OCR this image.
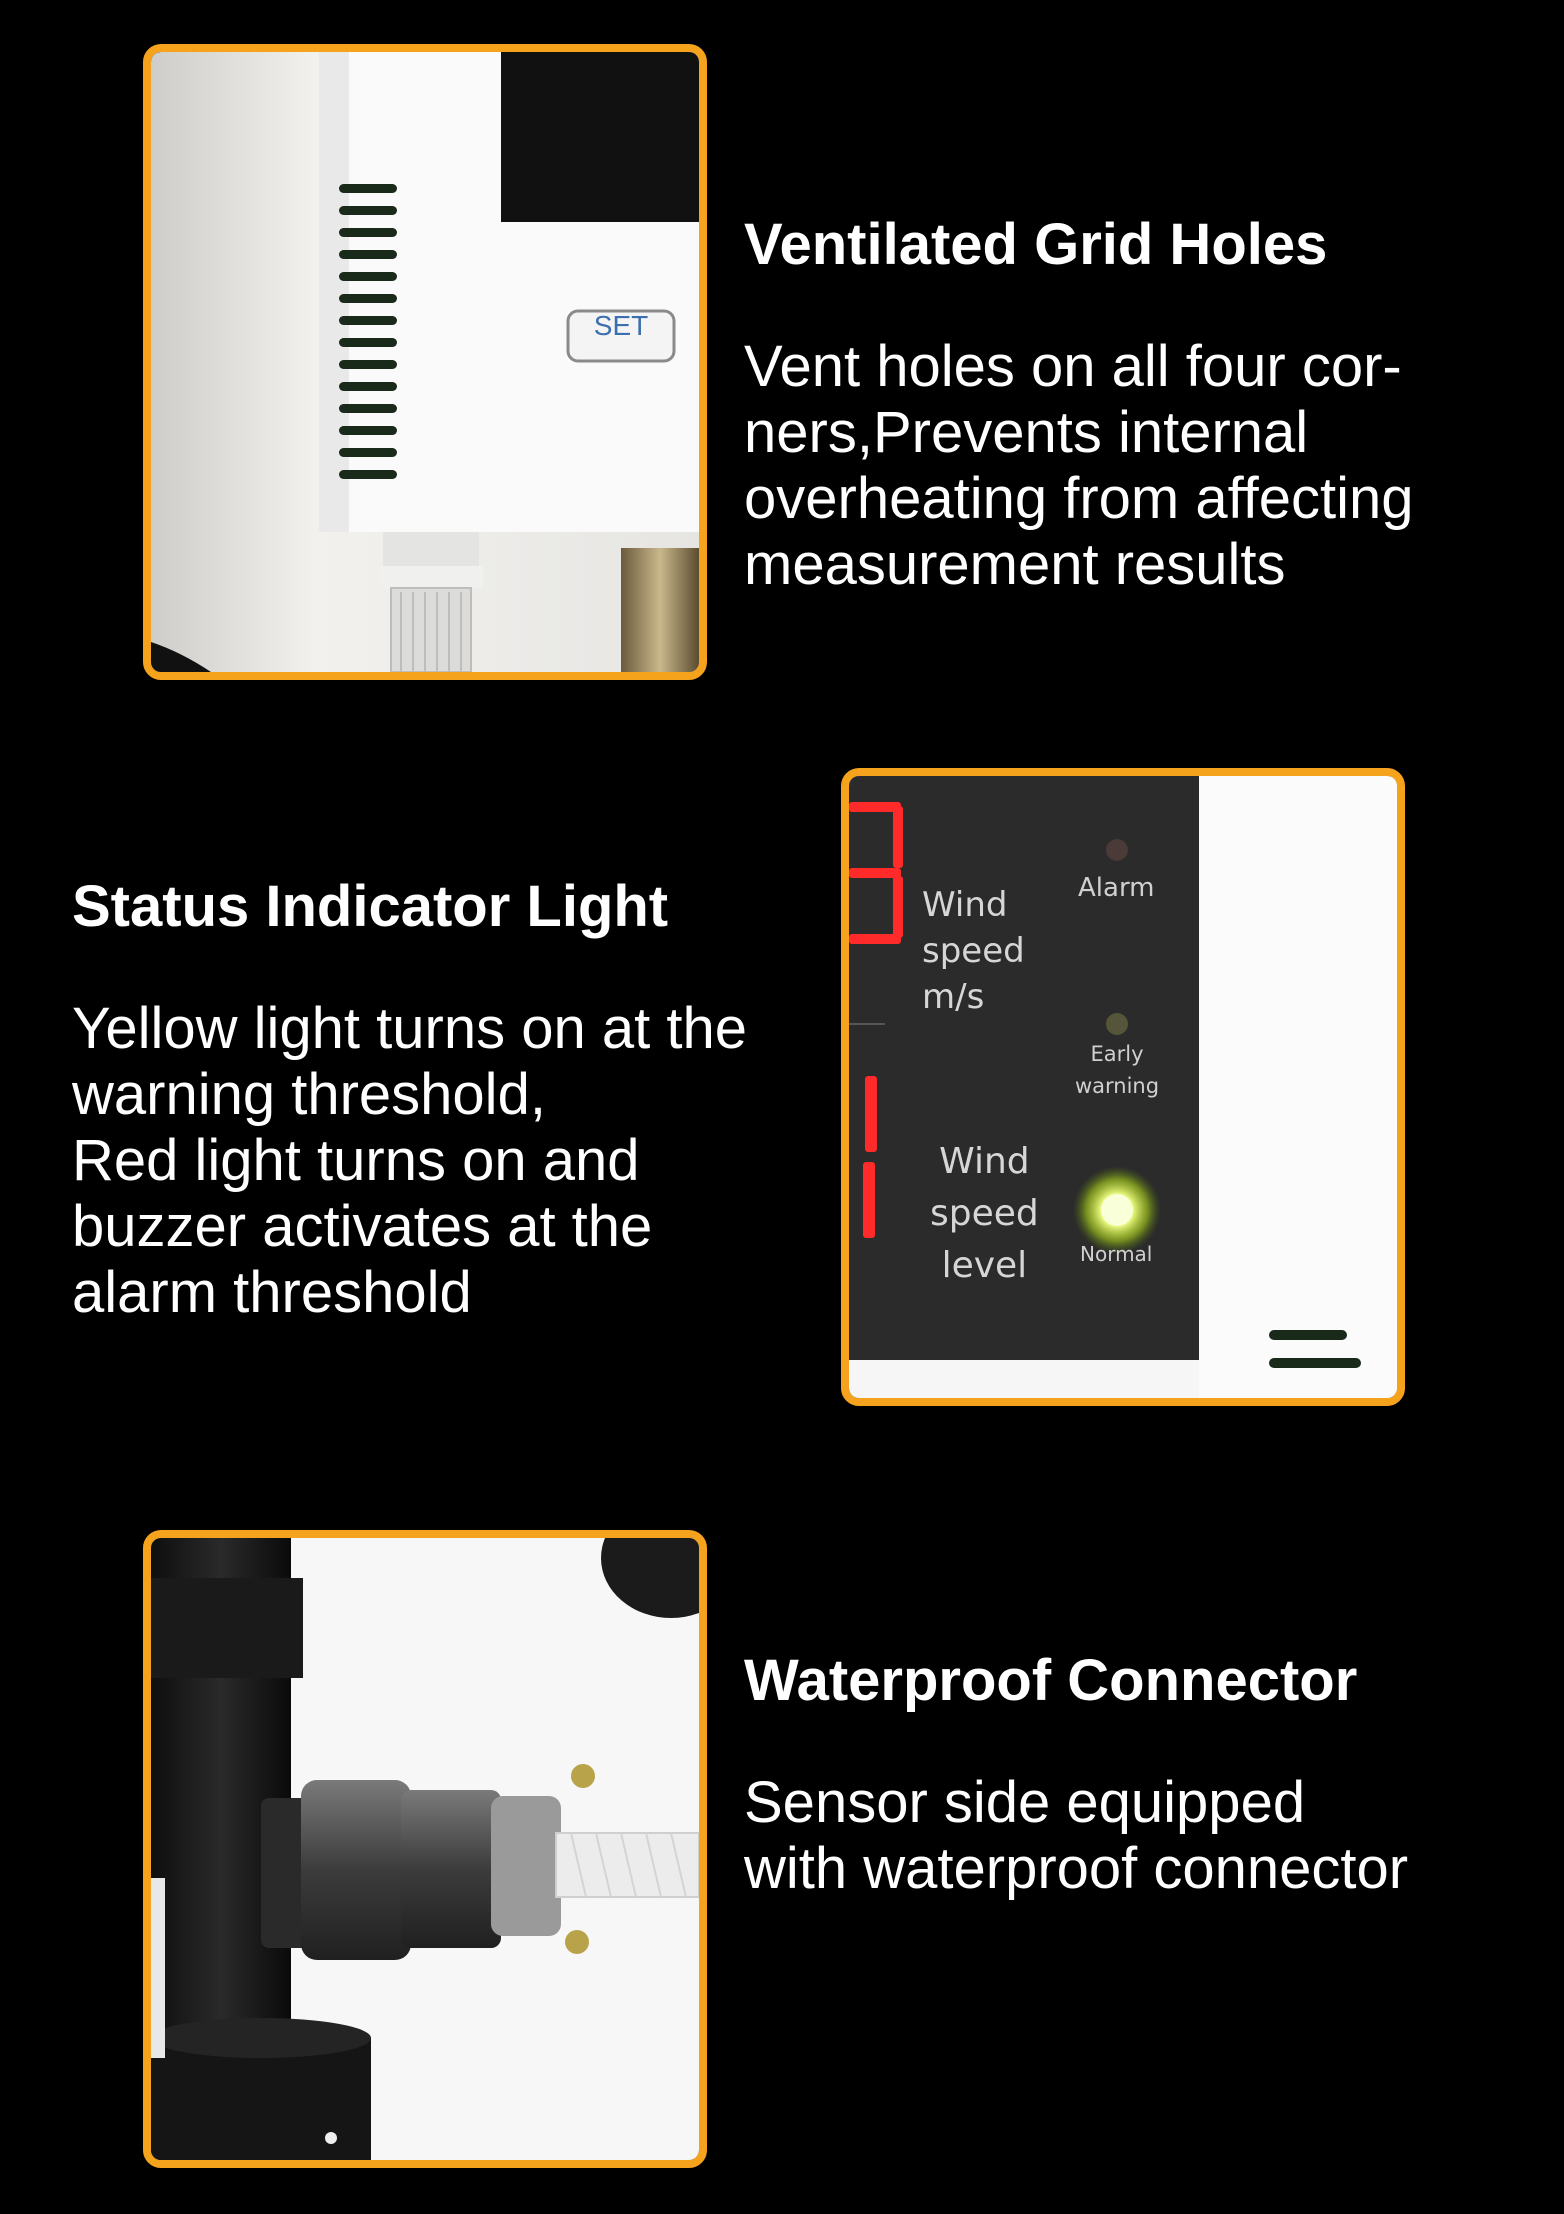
SET
Ventilated Grid Holes

Vent holes on all four cor-
ners,Prevents internal
overheating from affecting
measurement results

Status Indicator Light

Yellow light turns on at the
warning threshold,
Red light turns on and
buzzer activates at the
alarm threshold

Wind
speed
m/s
Wind
speed
level
Alarm
Early
warning
Normal
Waterproof Connector

Sensor side equipped
with waterproof connector
